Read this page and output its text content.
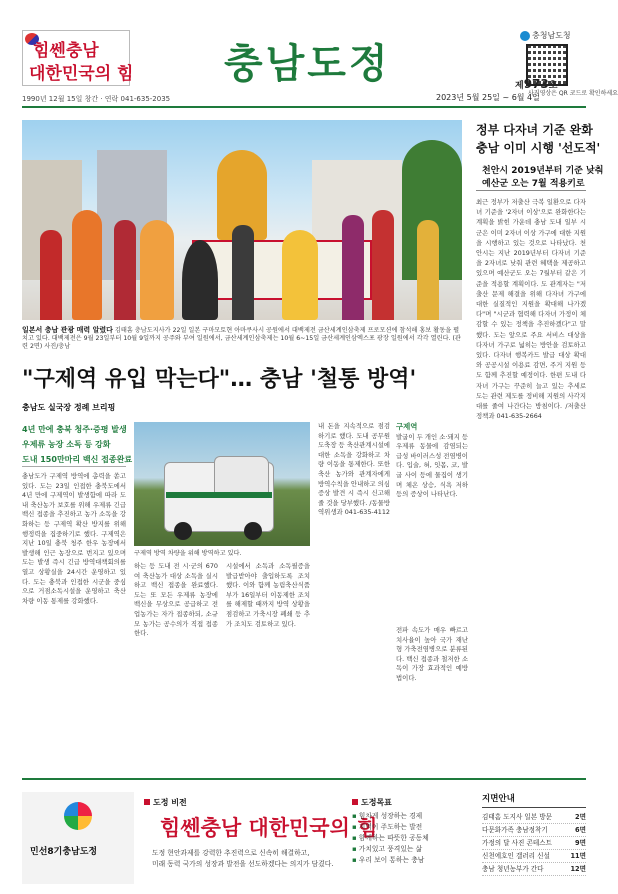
힘쎈충남
대한민국의 힘 충남도정
충청남도청
사진영상은 QR 코드로 확인하세요
1990년 12월 15일 창간 · 연락 041-635-2035
제973호
2023년 5월 25일 ~ 6월 4일
일본서 충남 관광 매력 알렸다 김태흠 충남도지사가 22일 일본 구마모토현 아마쿠사시 공원에서 대백제전 금산세계인삼축제 프로모션에 참석해 홍보 활동을 펼치고 있다. 대백제전은 9월 23일부터 10월 9일까지 공주와 부여 일원에서, 금산세계인삼축제는 10월 6~15일 금산세계인삼엑스포 광장 일원에서 각각 열린다. (관련 2면) 사진/충남
정부 다자녀 기준 완화
충남 이미 시행 '선도적'
천안시 2019년부터 기준 낮춰
예산군 오는 7월 적용키로
최근 정부가 저출산 극복 일환으로 다자녀 기준을 '2자녀 이상'으로 완화한다는 계획을 밝힌 가운데 충남 도내 일부 시군은 이미 2자녀 이상 가구에 대한 지원을 시행하고 있는 것으로 나타났다. 천안시는 지난 2019년부터 다자녀 기준을 2자녀로 낮춰 관련 혜택을 제공하고 있으며 예산군도 오는 7월부터 같은 기준을 적용할 계획이다. 도 관계자는 "저출산 문제 해결을 위해 다자녀 가구에 대한 실질적인 지원을 확대해 나가겠다"며 "시군과 협력해 다자녀 가정이 체감할 수 있는 정책을 추진하겠다"고 말했다. 도는 앞으로 주요 서비스 대상을 다자녀 가구로 넓히는 방안을 검토하고 있다. 다자녀 행복카드 발급 대상 확대와 공공시설 이용료 감면, 주거 지원 등도 함께 추진할 예정이다. 한편 도내 다자녀 가구는 꾸준히 늘고 있는 추세로 도는 관련 제도를 정비해 지원의 사각지대를 줄여 나간다는 방침이다. /저출산정책과 041-635-2664
"구제역 유입 막는다"… 충남 '철통 방역'
충남도 실국장 정례 브리핑
4년 만에 충북 청주·증평 발생
우제류 농장 소독 등 강화
도내 150만마리 백신 접종완료
충남도가 구제역 방역에 총력을 쏟고 있다. 도는 23일 인접한 충북도에서 4년 만에 구제역이 발생함에 따라 도내 축산농가 보호를 위해 우제류 긴급 백신 접종을 추진하고 농가 소독을 강화하는 등 구제역 확산 방지를 위해 행정력을 집중하기로 했다. 구제역은 지난 10일 충북 청주 한우 농장에서 발생해 인근 농장으로 번지고 있으며 도는 발생 즉시 긴급 방역대책회의를 열고 상황실을 24시간 운영하고 있다. 도는 충북과 인접한 시군을 중심으로 거점소독시설을 운영하고 축산차량 이동 통제를 강화했다.
구제역 방역 차량을 위해 방역하고 있다.
하는 등 도내 전 시·군의 670여 축산농가 대상 소독을 실시하고 백신 접종을 완료했다. 도는 또 모든 우제류 농장에 백신을 무상으로 공급하고 전업농가는 자가 접종하되, 소규모 농가는 공수의가 직접 접종한다.
시설에서 소독과 소독필증을 발급받아야 출입하도록 조치했다. 이와 함께 농림축산식품부가 16일부터 이동제한 조치를 해제할 때까지 방역 상황을 점검하고 가축시장 폐쇄 등 추가 조치도 검토하고 있다.
내 돈을 지속적으로 점검하기로 했다. 도내 공무원 도축장 등 축산관계시설에 대한 소독을 강화하고 차량 이동을 통제한다. 또한 축산 농가와 관계자에게 방역수칙을 안내하고 의심 증상 발견 시 즉시 신고해 줄 것을 당부했다. /동물방역위생과 041-635-4112
구제역
발굽이 두 개인 소·돼지 등 우제류 동물에 감염되는 급성 바이러스성 전염병이다. 입술, 혀, 잇몸, 코, 발굽 사이 등에 물집이 생기며 체온 상승, 식욕 저하 등의 증상이 나타난다.
전파 속도가 매우 빠르고 치사율이 높아 국가 재난형 가축전염병으로 분류된다. 백신 접종과 철저한 소독이 가장 효과적인 예방법이다.
민선8기충남도정
도정 비전
힘쎈충남 대한민국의 힘
도정 현안과제를 강력한 추진력으로 신속히 해결하고,
미래 동력 국가의 성장과 발전을 선도하겠다는 의지가 담겼다.
도정목표
▪ 힘차게 성장하는 경제
▪ 지역이 주도하는 발전
▪ 함께하는 따뜻한 공동체
▪ 가치있고 풍격있는 삶
▪ 우리 보이 통하는 충남
지면안내
김태흠 도지사 일본 방문	2면
다문화가족 충남정착기	6면
가정의 달 사진 콘테스트	9면
신천에호인 갤러리 신설	11면
충남 청년농부가 간다	12면
